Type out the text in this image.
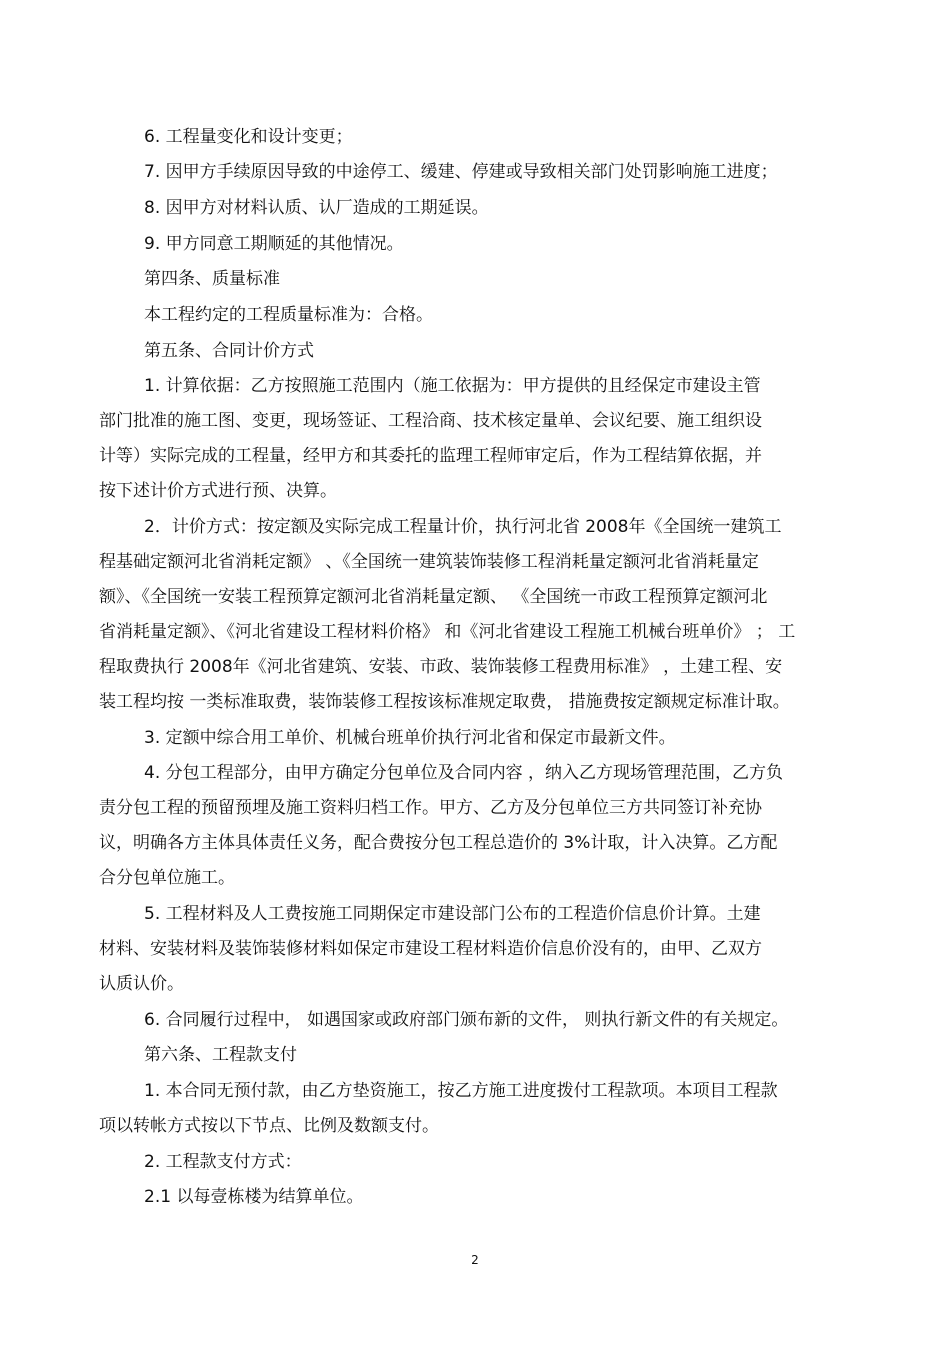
6. 工程量变化和设计变更；
7. 因甲方手续原因导致的中途停工、缓建、停建或导致相关部门处罚影响施工进度；
8. 因甲方对材料认质、认厂造成的工期延误。
9. 甲方同意工期顺延的其他情况。
第四条、质量标准
本工程约定的工程质量标准为：合格。
第五条、合同计价方式
1. 计算依据：乙方按照施工范围内（施工依据为：甲方提供的且经保定市建设主管
部门批准的施工图、变更，现场签证、工程洽商、技术核定量单、会议纪要、施工组织设
计等）实际完成的工程量，经甲方和其委托的监理工程师审定后，作为工程结算依据，并
按下述计价方式进行预、决算。
2．计价方式：按定额及实际完成工程量计价，执行河北省 2008年《全国统一建筑工
程基础定额河北省消耗定额》 、《全国统一建筑装饰装修工程消耗量定额河北省消耗量定
额》、《全国统一安装工程预算定额河北省消耗量定额、 《全国统一市政工程预算定额河北
省消耗量定额》、《河北省建设工程材料价格》 和《河北省建设工程施工机械台班单价》 ； 工
程取费执行 2008年《河北省建筑、安装、市政、装饰装修工程费用标准》 ，土建工程、安
装工程均按 一类标准取费，装饰装修工程按该标准规定取费， 措施费按定额规定标准计取。
3. 定额中综合用工单价、机械台班单价执行河北省和保定市最新文件。
4. 分包工程部分，由甲方确定分包单位及合同内容 ，纳入乙方现场管理范围，乙方负
责分包工程的预留预埋及施工资料归档工作。甲方、乙方及分包单位三方共同签订补充协
议，明确各方主体具体责任义务，配合费按分包工程总造价的 3%计取，计入决算。乙方配
合分包单位施工。
5. 工程材料及人工费按施工同期保定市建设部门公布的工程造价信息价计算。土建
材料、安装材料及装饰装修材料如保定市建设工程材料造价信息价没有的，由甲、乙双方
认质认价。
6. 合同履行过程中， 如遇国家或政府部门颁布新的文件， 则执行新文件的有关规定。
第六条、工程款支付
1. 本合同无预付款，由乙方垫资施工，按乙方施工进度拨付工程款项。本项目工程款
项以转帐方式按以下节点、比例及数额支付。
2. 工程款支付方式：
2.1 以每壹栋楼为结算单位。
2
